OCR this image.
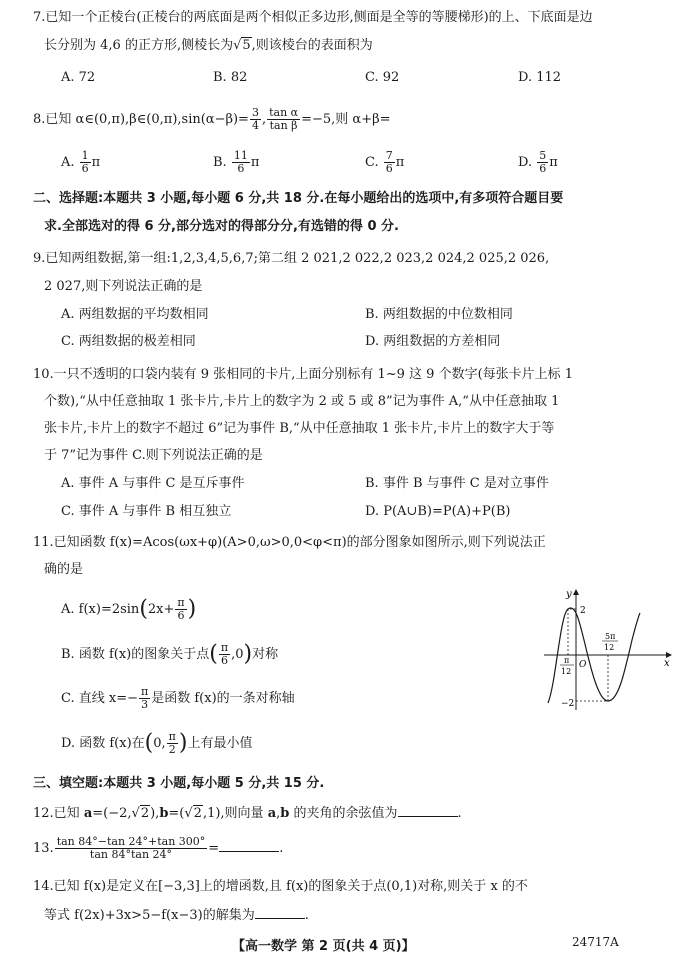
7.已知一个正棱台(正棱台的两底面是两个相似正多边形,侧面是全等的等腰梯形)的上、下底面是边
长分别为 4,6 的正方形,侧棱长为√5,则该棱台的表面积为
A. 72	B. 82	C. 92	D. 112
8.已知 α∈(0,π),β∈(0,π),sin(α−β)= $\frac{3}{4}$ , $\frac{\text{tan α}}{\text{tan β}} =-5$,则 α+β=
A. $\frac{1}{6}$ π	B. $\frac{11}{6}$ π	C. $\frac{7}{6}$ π	D. $\frac{5}{6}$ π
二、选择题:本题共 3 小题,每小题 6 分,共 18 分.在每小题给出的选项中,有多项符合题目要
求.全部选对的得 6 分,部分选对的得部分分,有选错的得 0 分.
9.已知两组数据,第一组:1,2,3,4,5,6,7;第二组 2 021,2 022,2 023,2 024,2 025,2 026,
2 027,则下列说法正确的是
A. 两组数据的平均数相同	B. 两组数据的中位数相同
C. 两组数据的极差相同	D. 两组数据的方差相同
10.一只不透明的口袋内装有 9 张相同的卡片,上面分别标有 1~9 这 9 个数字(每张卡片上标 1
个数),“从中任意抽取 1 张卡片,卡片上的数字为 2 或 5 或 8”记为事件 A,“从中任意抽取 1
张卡片,卡片上的数字不超过 6”记为事件 B,“从中任意抽取 1 张卡片,卡片上的数字大于等
于 7”记为事件 C.则下列说法正确的是
A. 事件 A 与事件 C 是互斥事件	B. 事件 B 与事件 C 是对立事件
C. 事件 A 与事件 B 相互独立	D. P(A∪B)=P(A)+P(B)
11.已知函数 f(x)=Acos(ωx+φ)(A>0,ω>0,0<φ<π)的部分图象如图所示,则下列说法正
确的是
A. $f(x)=2\sin(2x+ \frac{\pi}{6}$ )
B. 函数 f(x)的图象关于点( $\frac{\pi}{6} ,0$)对称
C. 直线 $x=- \frac{\pi}{3}$ 是函数 f(x)的一条对称轴
D. 函数 f(x)在(0, $\frac{\pi}{2}$ )上有最小值
y
x
O
2
−2
π
12
5π
12
三、填空题:本题共 3 小题,每小题 5 分,共 15 分.
12.已知 a=(−2,√2),b=(√2,1),则向量 a,b 的夹角的余弦值为	.
13. $\frac{\tan 84^\circ-\tan 24^\circ+\tan 300^\circ}{\tan 84^\circ\tan 24^\circ}$ =	.
14.已知 f(x)是定义在[−3,3]上的增函数,且 f(x)的图象关于点(0,1)对称,则关于 x 的不
等式 f(2x)+3x>5−f(x−3)的解集为	.
【高一数学 第 2 页(共 4 页)】	24717A
